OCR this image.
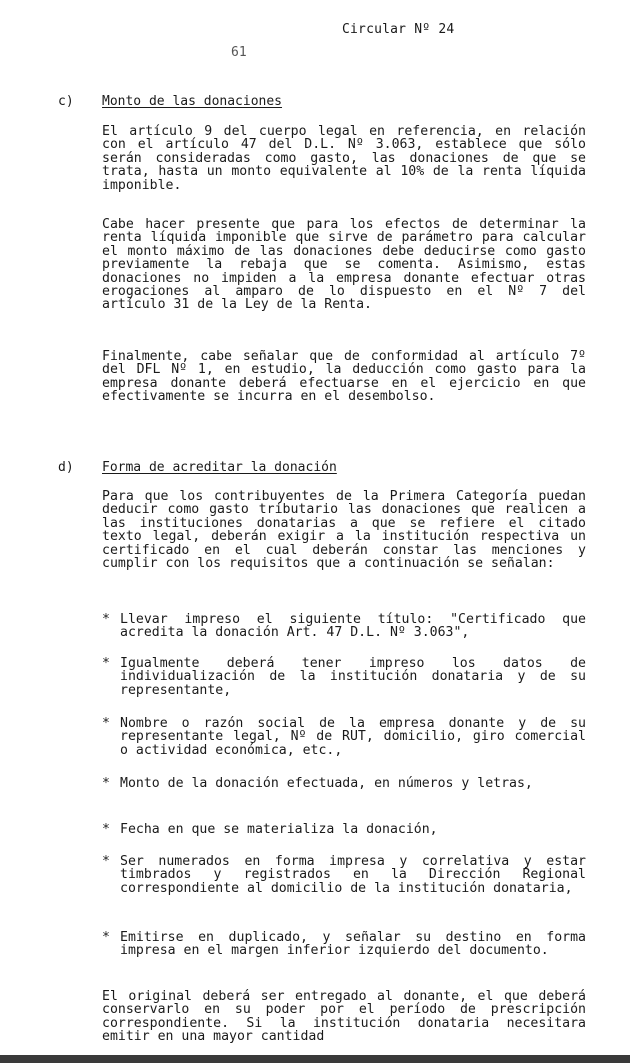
Circular Nº 24
61
c) Monto de las donaciones

El artículo 9 del cuerpo legal en referencia, en relación con el artículo 47 del D.L. Nº 3.063, establece que sólo serán consideradas como gasto, las donaciones de que se trata, hasta un monto equivalente al 10% de la renta líquida imponible.

Cabe hacer presente que para los efectos de determinar la renta líquida imponible que sirve de parámetro para calcular el monto máximo de las donaciones debe deducirse como gasto previamente la rebaja que se comenta. Asimismo, estas donaciones no impiden a la empresa donante efectuar otras erogaciones al amparo de lo dispuesto en el Nº 7 del artículo 31 de la Ley de la Renta.

Finalmente, cabe señalar que de conformidad al artículo 7º del DFL Nº 1, en estudio, la deducción como gasto para la empresa donante deberá efectuarse en el ejercicio en que efectivamente se incurra en el desembolso.

d) Forma de acreditar la donación

Para que los contribuyentes de la Primera Categoría puedan deducir como gasto tributario las donaciones que realicen a las instituciones donatarias a que se refiere el citado texto legal, deberán exigir a la institución respectiva un certificado en el cual deberán constar las menciones y cumplir con los requisitos que a continuación se señalan:

* Llevar impreso el siguiente título: "Certificado que acredita la donación Art. 47 D.L. Nº 3.063",

* Igualmente deberá tener impreso los datos de individualización de la institución donataria y de su representante,

* Nombre o razón social de la empresa donante y de su representante legal, Nº de RUT, domicilio, giro comercial o actividad económica, etc.,

* Monto de la donación efectuada, en números y letras,

* Fecha en que se materializa la donación,

* Ser numerados en forma impresa y correlativa y estar timbrados y registrados en la Dirección Regional correspondiente al domicilio de la institución donataria,

* Emitirse en duplicado, y señalar su destino en forma impresa en el margen inferior izquierdo del documento.

El original deberá ser entregado al donante, el que deberá conservarlo en su poder por el período de prescripción correspondiente. Si la institución donataria necesitara emitir en una mayor cantidad
